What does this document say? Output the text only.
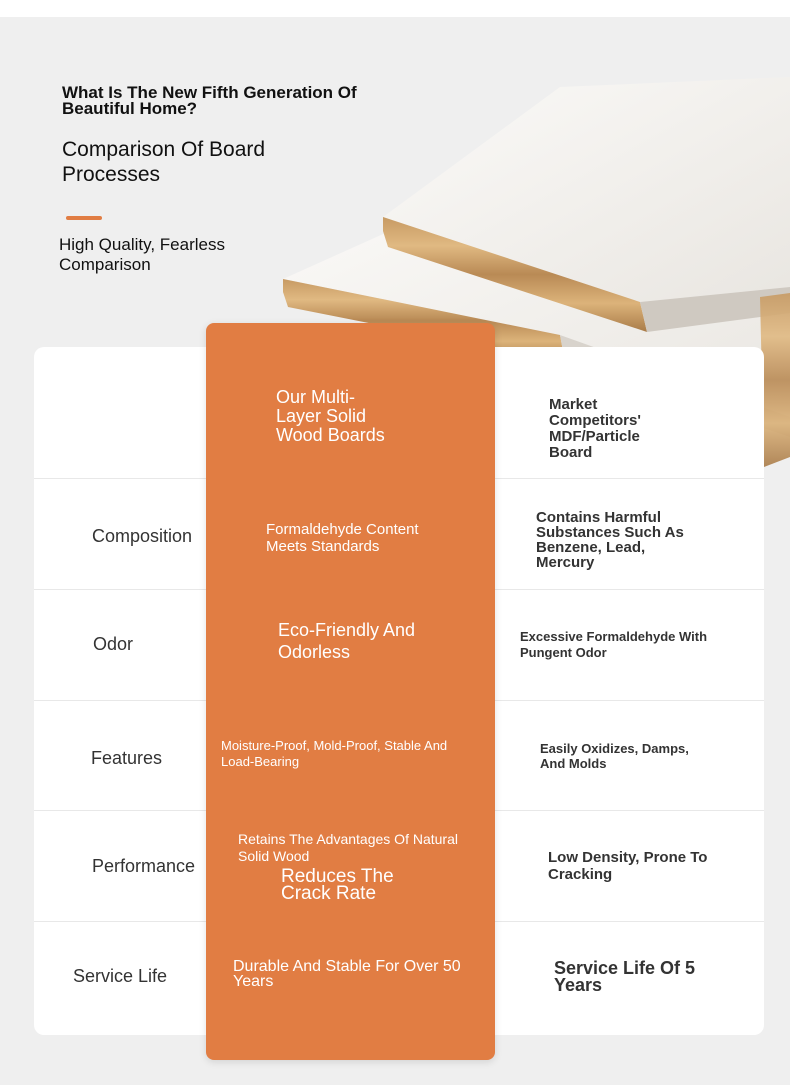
What Is The New Fifth Generation Of Beautiful Home?
Comparison Of Board Processes
High Quality, Fearless Comparison
Composition
Odor
Features
Performance
Service Life
Market Competitors' MDF/Particle Board
Contains Harmful Substances Such As Benzene, Lead, Mercury
Excessive Formaldehyde With Pungent Odor
Easily Oxidizes, Damps, And Molds
Low Density, Prone To Cracking
Service Life Of 5 Years
Our Multi-Layer Solid Wood Boards
Formaldehyde Content Meets Standards
Eco-Friendly And Odorless
Moisture-Proof, Mold-Proof, Stable And Load-Bearing
Retains The Advantages Of Natural Solid Wood
Reduces The Crack Rate
Durable And Stable For Over 50 Years
